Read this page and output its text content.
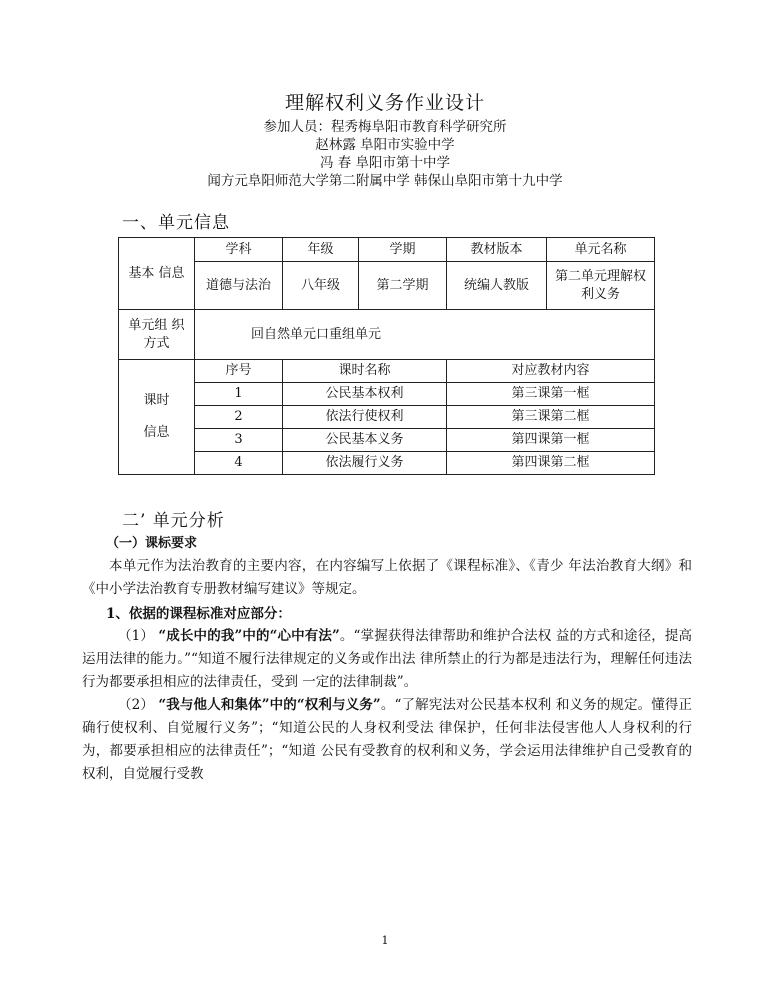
理解权利义务作业设计
参加人员：程秀梅阜阳市教育科学研究所
赵林露 阜阳市实验中学
冯 春 阜阳市第十中学
闻方元阜阳师范大学第二附属中学 韩保山阜阳市第十九中学
一、单元信息
基本 信息	学科	年级	学期	教材版本	单元名称	
	道德与法治	八年级	第二学期	统编人教版	第二单元理解权利义务	
单元组 织方式	回自然单元口重组单元					

课时
信息	序号	课时名称		对应教材内容		
	1	公民基本权利		第三课第一框		
	2	依法行使权利		第三课第二框		
	3	公民基本义务		第四课第一框		
	4	依法履行义务		第四课第二框		
二’ 单元分析
（一）课标要求
本单元作为法治教育的主要内容，在内容编写上依据了《课程标准》、《青少 年法治教育大纲》和《中小学法治教育专册教材编写建议》等规定。
1、依据的课程标准对应部分：
（1） “成长中的我”中的“心中有法”。“掌握获得法律帮助和维护合法权 益的方式和途径，提高运用法律的能力。”“知道不履行法律规定的义务或作出法 律所禁止的行为都是违法行为，理解任何违法行为都要承担相应的法律责任，受到 一定的法律制裁”。
（2） “我与他人和集体”中的“权利与义务”。“了解宪法对公民基本权利 和义务的规定。懂得正确行使权利、自觉履行义务”；“知道公民的人身权利受法 律保护，任何非法侵害他人人身权利的行为，都要承担相应的法律责任”；“知道 公民有受教育的权利和义务，学会运用法律维护自己受教育的权利，自觉履行受教
1
